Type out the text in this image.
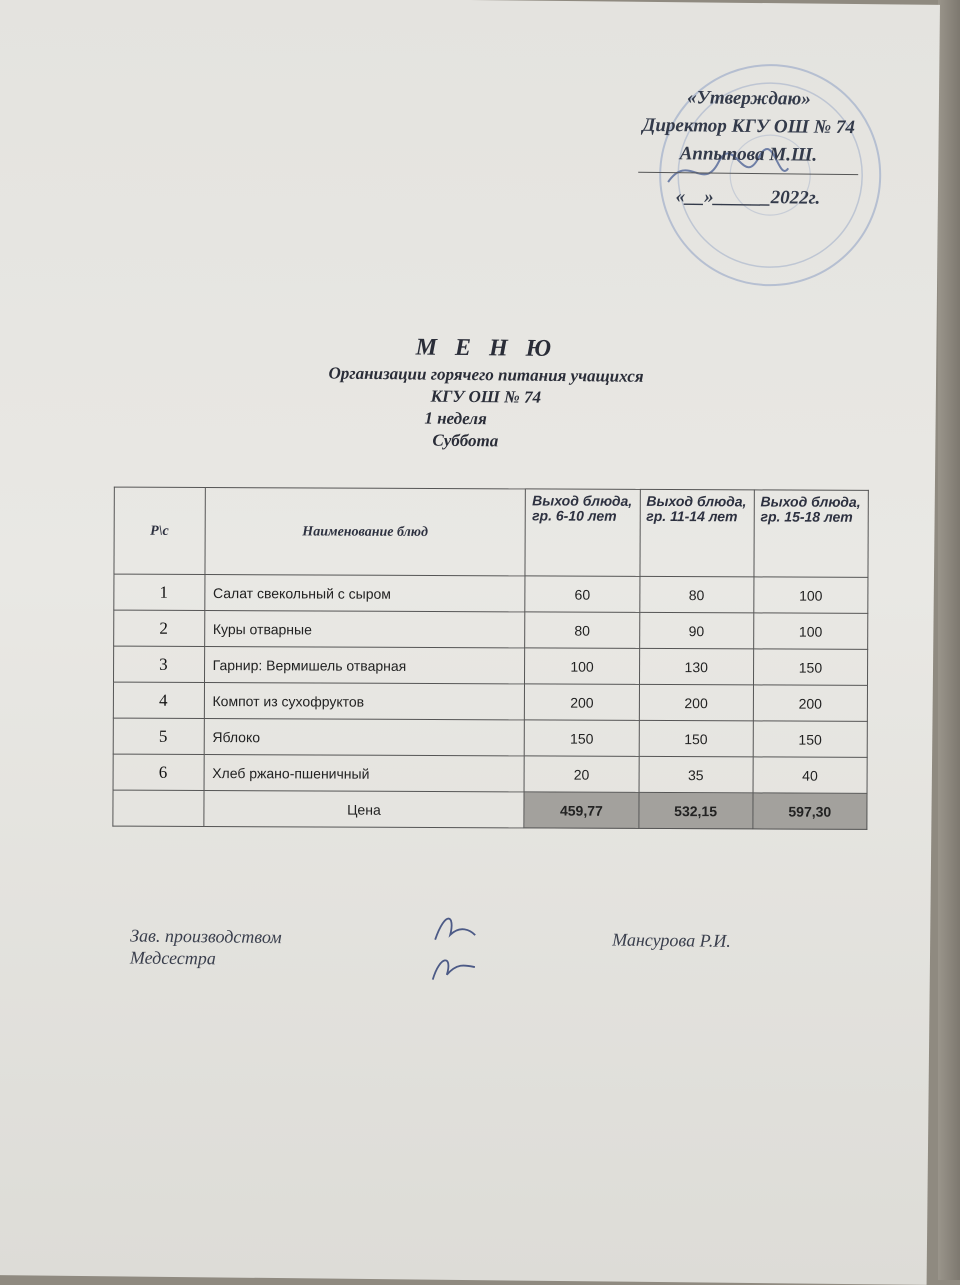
«Утверждаю»
Директор КГУ ОШ № 74
Аппыпова М.Ш.
«__»______2022г.
М Е Н Ю
Организации горячего питания учащихся
КГУ ОШ № 74
1 неделя
Суббота
Р\с	Наименование блюд	Выход блюда, гр. 6-10 лет	Выход блюда, гр. 11-14 лет	Выход блюда, гр. 15-18 лет

1	Салат свекольный с сыром	60	80	100
2	Куры отварные	80	90	100
3	Гарнир: Вермишель отварная	100	130	150
4	Компот из сухофруктов	200	200	200
5	Яблоко	150	150	150
6	Хлеб ржано-пшеничный	20	35	40
	Цена	459,77	532,15	597,30
Зав. производством
Медсестра
Мансурова Р.И.
